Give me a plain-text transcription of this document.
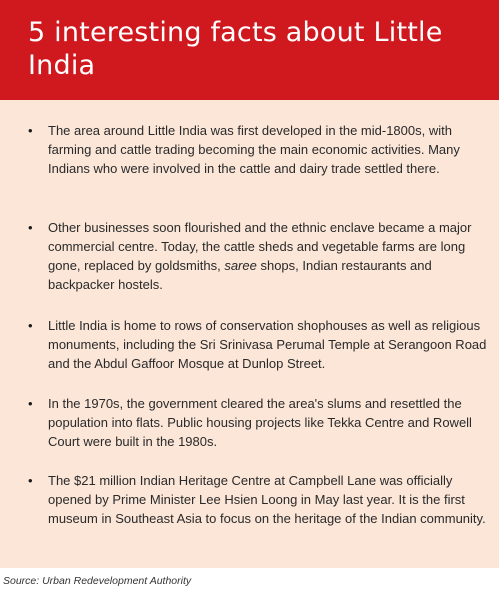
5 interesting facts about Little India
• The area around Little India was first developed in the mid-1800s, with farming and cattle trading becoming the main economic activities. Many Indians who were involved in the cattle and dairy trade settled there.

• Other businesses soon flourished and the ethnic enclave became a major commercial centre. Today, the cattle sheds and vegetable farms are long gone, replaced by goldsmiths, saree shops, Indian restaurants and backpacker hostels.

• Little India is home to rows of conservation shophouses as well as religious monuments, including the Sri Srinivasa Perumal Temple at Serangoon Road and the Abdul Gaffoor Mosque at Dunlop Street.

• In the 1970s, the government cleared the area's slums and resettled the population into flats. Public housing projects like Tekka Centre and Rowell Court were built in the 1980s.

• The $21 million Indian Heritage Centre at Campbell Lane was officially opened by Prime Minister Lee Hsien Loong in May last year. It is the first museum in Southeast Asia to focus on the heritage of the Indian community.

Source: Urban Redevelopment Authority
